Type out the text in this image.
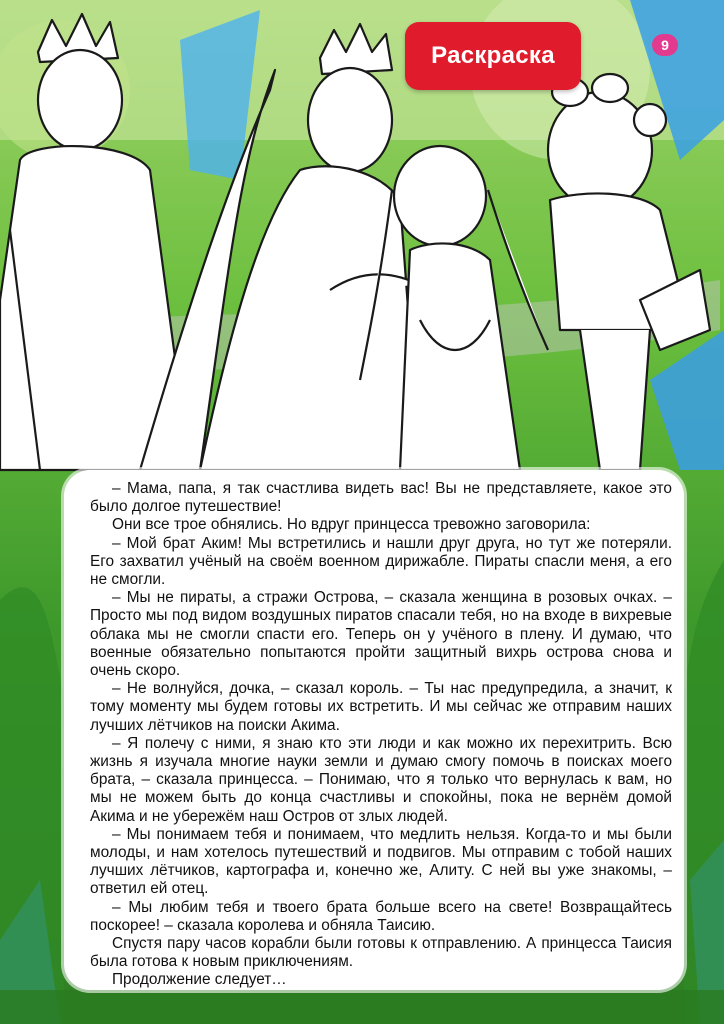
Раскраска	9

– Мама, папа, я так счастлива видеть вас! Вы не представляете, какое это было долгое путешествие!

Они все трое обнялись. Но вдруг принцесса тревожно заговорила:

– Мой брат Аким! Мы встретились и нашли друг друга, но тут же потеряли. Его захватил учёный на своём военном дирижабле. Пираты спасли меня, а его не смогли.

– Мы не пираты, а стражи Острова, – сказала женщина в розовых очках. – Просто мы под видом воздушных пиратов спасали тебя, но на входе в вихревые облака мы не смогли спасти его. Теперь он у учёного в плену. И думаю, что военные обязательно попытаются пройти защитный вихрь острова снова и очень скоро.

– Не волнуйся, дочка, – сказал король. – Ты нас предупредила, а значит, к тому моменту мы будем готовы их встретить. И мы сейчас же отправим наших лучших лётчиков на поиски Акима.

– Я полечу с ними, я знаю кто эти люди и как можно их перехитрить. Всю жизнь я изучала многие науки земли и думаю смогу помочь в поисках моего брата, – сказала принцесса. – Понимаю, что я только что вернулась к вам, но мы не можем быть до конца счастливы и спокойны, пока не вернём домой Акима и не убережём наш Остров от злых людей.

– Мы понимаем тебя и понимаем, что медлить нельзя. Когда-то и мы были молоды, и нам хотелось путешествий и подвигов. Мы отправим с тобой наших лучших лётчиков, картографа и, конечно же, Алиту. С ней вы уже знакомы, – ответил ей отец.

– Мы любим тебя и твоего брата больше всего на свете! Возвращайтесь поскорее! – сказала королева и обняла Таисию.

Спустя пару часов корабли были готовы к отправлению. А принцесса Таисия была готова к новым приключениям.

Продолжение следует…
